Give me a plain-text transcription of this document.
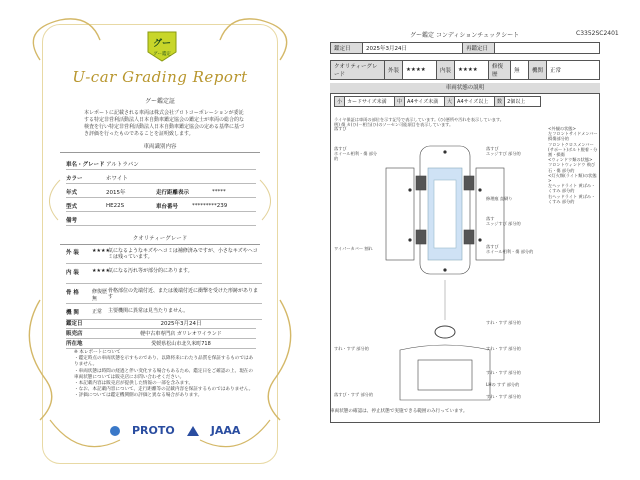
グー
グー鑑定
U-car Grading Report
グー鑑定証
本レポートに記載される車両は株式会社プロトコーポレーションが委託する特定非営利活動法人日本自動車鑑定協会の鑑定士が車両の総合的な検査を行い特定非営利活動法人日本自動車鑑定協会の定める基準に基づき評価を行ったものであることを証明致します。
車両識別内容
車名・グレード アルトラパン
カラー	ホワイト
年式	2015年	走行距離表示	*****
型式	HE22S	車台番号	*********239
備考
クオリティーグレード
外 装	★★★★
気になるようなキズやヘコミは補修済みですが、小さなキズやヘコミは残っています。
内 装	★★★★
気になる汚れ等が部分的にあります。
骨 格	修復歴無
骨格部位の先端付近、または後端付近に衝撃を受けた形跡があります
機 関	正常	主要機関に異常は見当たりません。
鑑定日	2025年3月24日
販売店	軽中古車専門店 ガリレオワイランド
所在地	愛媛県松山市北久米町718
※ 本レポートについて
・鑑定時点の車両状態を示すものであり、以降将来にわたり品質を保証するものではありません。
・車両状態は時間の経過と伴い変化する場合もあるため、鑑定日をご確認の上、現在の車両状態については販売店にお問い合わせください。
・本記載内容は販売店が提供した情報の一部を含みます。
・なお、本記載内容について、走行距離等の記載内容を保証するものではありません。
・評価については鑑定機関側の評価と異なる場合があります。
PROTO	JAAA
グー鑑定 コンディションチェックシート	C3352SC2401
鑑定日	2025年3月24日	再鑑定日	
クオリティーグレード	外装	★★★★	内装	★★★★	修復歴	無	機関	正常
車両状態の説明
小	カードサイズ未満	中	A4サイズ未満	大	A4サイズ以上	数	2個以上
ライヤ保証は車両の部位を示す記号で表示しています。(ひ)悪所や汚れを表示しています。
例) 傷 カ(ひ)－相当(ひ)のソーセン可能項目を表示しています。
落すび
落すび
ホイール相利・傷 部分的
落すび
エッジすび 部分的
修理痕 直刷り
落す
エッジすび 部分的
落すび
ホイール相利・傷 部分的
ワイパーカバー 割れ
すれ・すず 部分的
すれ・すず 部分的	すれ・すず 部分的
落すび・すず 部分的
すれ・すず 部分的
LHの すず 部分的
すれ・すず 部分的
<外観の状態>
左フロントサイドメンバー 損傷部分的
フロントクロスメンバー(サポート)ボルト脱着・分割・損傷
<ウィンドウ類の状態>
フロントウィンドウ 飛び石・傷 部分的
<灯火類(ライト類)の状態>
左ヘッドライト 黄ばみ・くすみ 部分的
右ヘッドライト 黄ばみ・くすみ 部分的
車両状態の確認は、停止状態で実施できる範囲のみ行っています。
